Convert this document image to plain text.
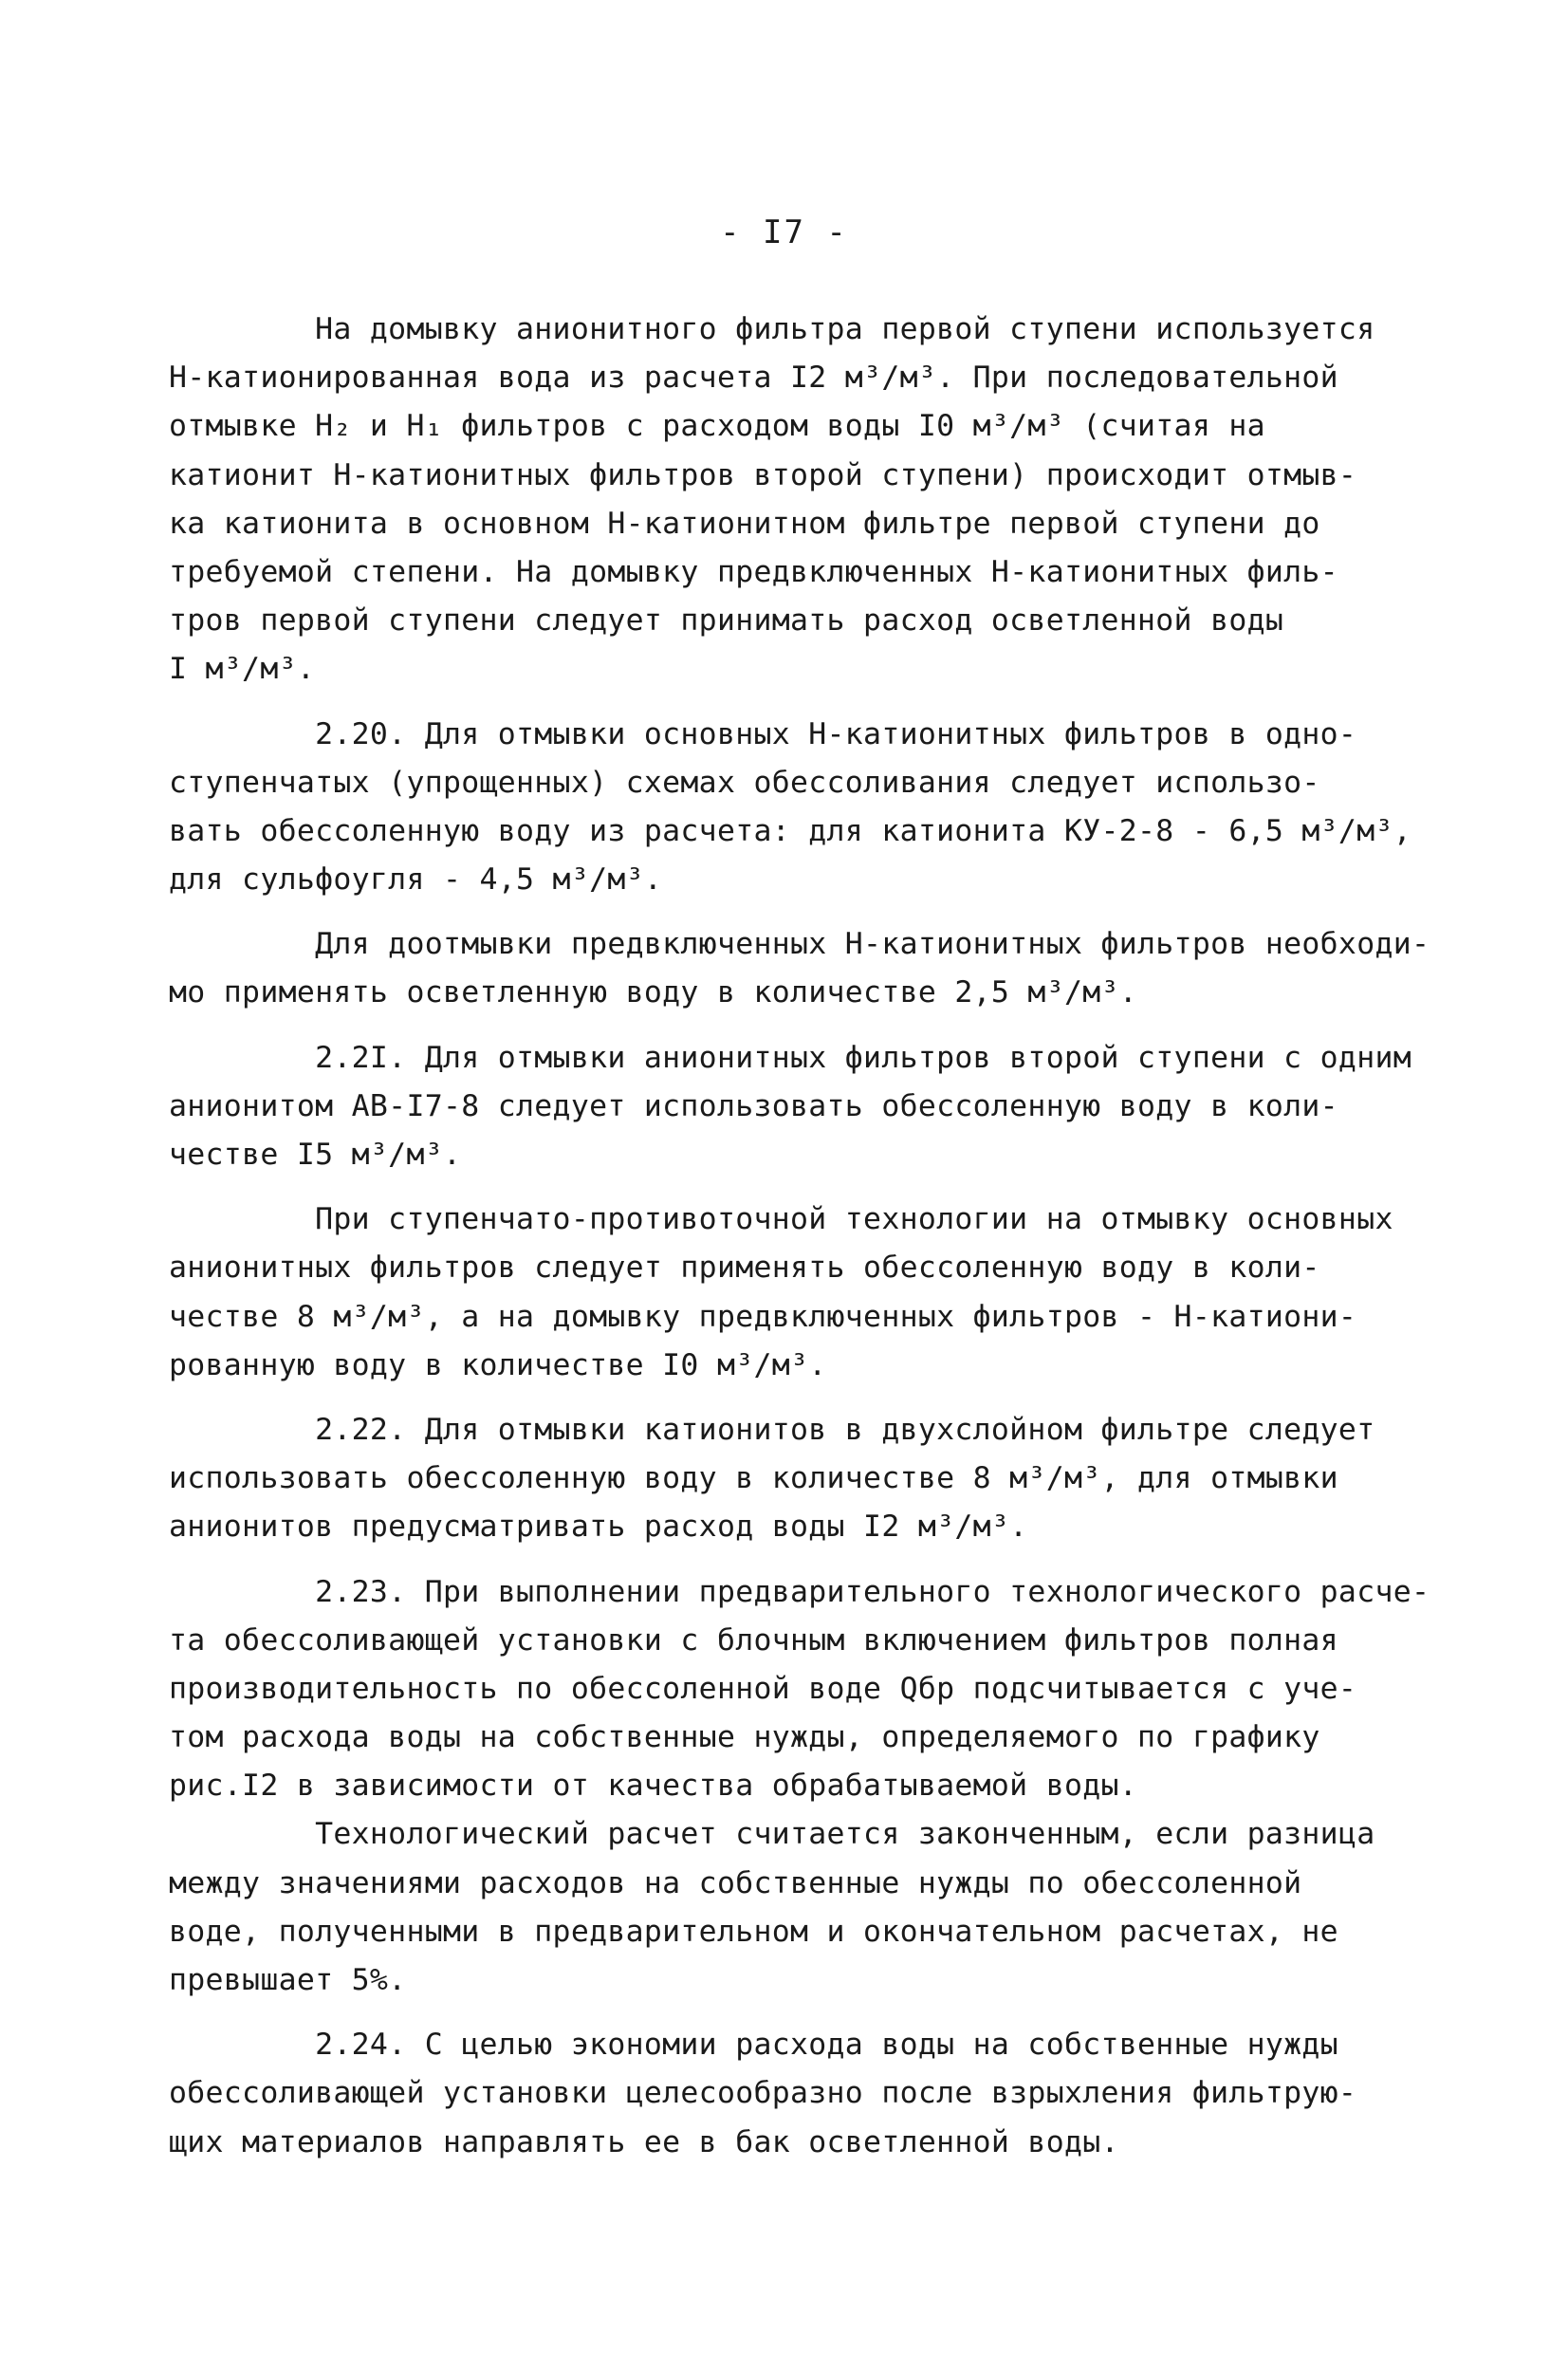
- I7 -
На домывку анионитного фильтра первой ступени используется
Н-катионированная вода из расчета I2 м³/м³. При последовательной
отмывке Н₂ и Н₁ фильтров с расходом воды I0 м³/м³ (считая на
катионит Н-катионитных фильтров второй ступени) происходит отмыв-
ка катионита в основном Н-катионитном фильтре первой ступени до
требуемой степени. На домывку предвключенных Н-катионитных филь-
тров первой ступени следует принимать расход осветленной воды
I м³/м³.
2.20. Для отмывки основных Н-катионитных фильтров в одно-
ступенчатых (упрощенных) схемах обессоливания следует использо-
вать обессоленную воду из расчета: для катионита КУ-2-8 - 6,5 м³/м³,
для сульфоугля - 4,5 м³/м³.
Для доотмывки предвключенных Н-катионитных фильтров необходи-
мо применять осветленную воду в количестве 2,5 м³/м³.
2.2I. Для отмывки анионитных фильтров второй ступени с одним
анионитом АВ-I7-8 следует использовать обессоленную воду в коли-
честве I5 м³/м³.
При ступенчато-противоточной технологии на отмывку основных
анионитных фильтров следует применять обессоленную воду в коли-
честве 8 м³/м³, а на домывку предвключенных фильтров - Н-катиони-
рованную воду в количестве I0 м³/м³.
2.22. Для отмывки катионитов в двухслойном фильтре следует
использовать обессоленную воду в количестве 8 м³/м³, для отмывки
анионитов предусматривать расход воды I2 м³/м³.
2.23. При выполнении предварительного технологического расче-
та обессоливающей установки с блочным включением фильтров полная
производительность по обессоленной воде Qбр подсчитывается с уче-
том расхода воды на собственные нужды, определяемого по графику
рис.I2 в зависимости от качества обрабатываемой воды.
Технологический расчет считается законченным, если разница
между значениями расходов на собственные нужды по обессоленной
воде, полученными в предварительном и окончательном расчетах, не
превышает 5%.
2.24. С целью экономии расхода воды на собственные нужды
обессоливающей установки целесообразно после взрыхления фильтрую-
щих материалов направлять ее в бак осветленной воды.
